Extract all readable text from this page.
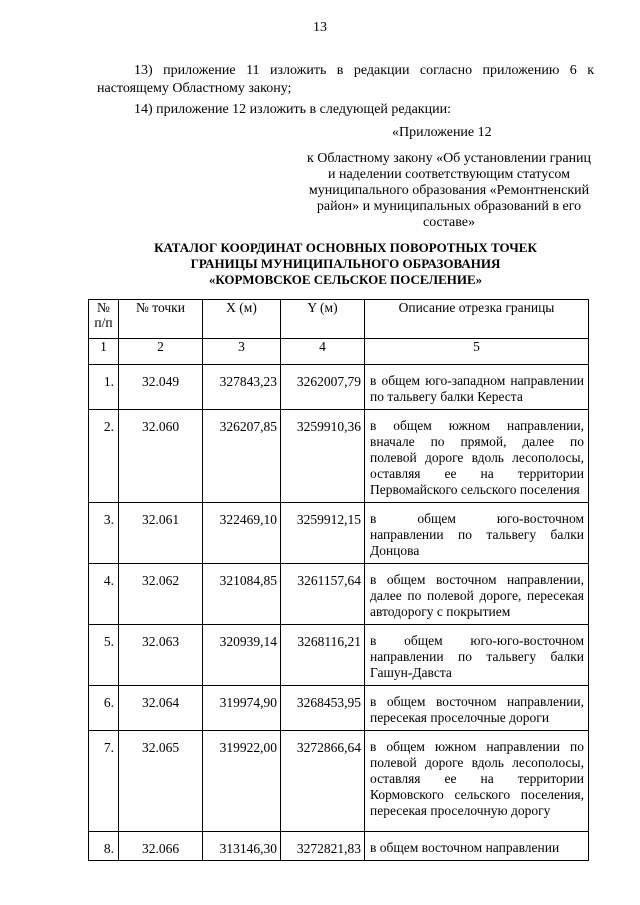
13
13) приложение 11 изложить в редакции согласно приложению 6 к настоящему Областному закону;
14) приложение 12 изложить в следующей редакции:
«Приложение 12
к Областному закону «Об установлении границ и наделении соответствующим статусом муниципального образования «Ремонтненский район» и муниципальных образований в его составе»
КАТАЛОГ КООРДИНАТ ОСНОВНЫХ ПОВОРОТНЫХ ТОЧЕК
ГРАНИЦЫ МУНИЦИПАЛЬНОГО ОБРАЗОВАНИЯ
«КОРМОВСКОЕ СЕЛЬСКОЕ ПОСЕЛЕНИЕ»
№
п/п	№ точки	X (м)	Y (м)	Описание отрезка границы
1	2	3	4	5
1.	32.049	327843,23	3262007,79	в общем юго-западном направлении по тальвегу балки Кереста
2.	32.060	326207,85	3259910,36	в общем южном направлении, вначале по прямой, далее по полевой дороге вдоль лесополосы, оставляя ее на территории Первомайского сельского поселения
3.	32.061	322469,10	3259912,15	в общем юго-восточном направлении по тальвегу балки Донцова
4.	32.062	321084,85	3261157,64	в общем восточном направлении, далее по полевой дороге, пересекая автодорогу с покрытием
5.	32.063	320939,14	3268116,21	в общем юго-юго-восточном направлении по тальвегу балки Гашун-Давста
6.	32.064	319974,90	3268453,95	в общем восточном направлении, пересекая проселочные дороги
7.	32.065	319922,00	3272866,64	в общем южном направлении по полевой дороге вдоль лесополосы, оставляя ее на территории Кормовского сельского поселения, пересекая проселочную дорогу
8.	32.066	313146,30	3272821,83	в общем восточном направлении
